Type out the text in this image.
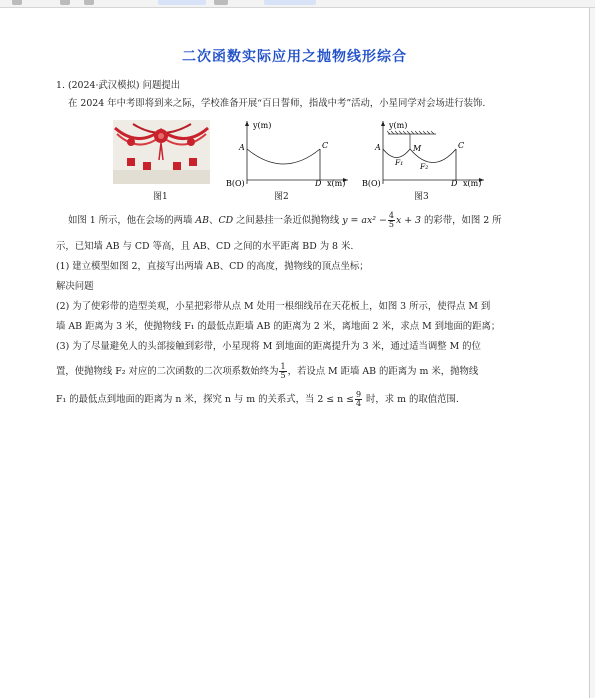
二次函数实际应用之抛物线形综合
1. (2024·武汉模拟) 问题提出
在 2024 年中考即将到来之际，学校准备开展“百日誓师，指战中考”活动，小星同学对会场进行装饰.
图1
y(m)
A	C
B(O)	D x(m)
图2
y(m)
A	C
M
F₁ F₂
B(O)	D x(m)
图3
如图 1 所示，他在会场的两墙 AB、CD 之间悬挂一条近似抛物线 $y = ax^2 - \frac{4}{5}$ x + 3 的彩带，如图 2 所
示，已知墙 AB 与 CD 等高，且 AB、CD 之间的水平距离 BD 为 8 米.
(1) 建立模型如图 2，直接写出两墙 AB、CD 的高度，抛物线的顶点坐标；
解决问题
(2) 为了使彩带的造型美观，小星把彩带从点 M 处用一根细线吊在天花板上，如图 3 所示，使得点 M 到
墙 AB 距离为 3 米，使抛物线 F₁ 的最低点距墙 AB 的距离为 2 米，离地面 2 米，求点 M 到地面的距离；
(3) 为了尽量避免人的头部接触到彩带，小星现将 M 到地面的距离提升为 3 米，通过适当调整 M 的位
置，使抛物线 F₂ 对应的二次函数的二次项系数始终为 $\frac{1}{5}$ ，若设点 M 距墙 AB 的距离为 m 米，抛物线
F₁ 的最低点到地面的距离为 n 米，探究 n 与 m 的关系式，当 $2 \le n \le \frac{9}{4}$ 时，求 m 的取值范围.
